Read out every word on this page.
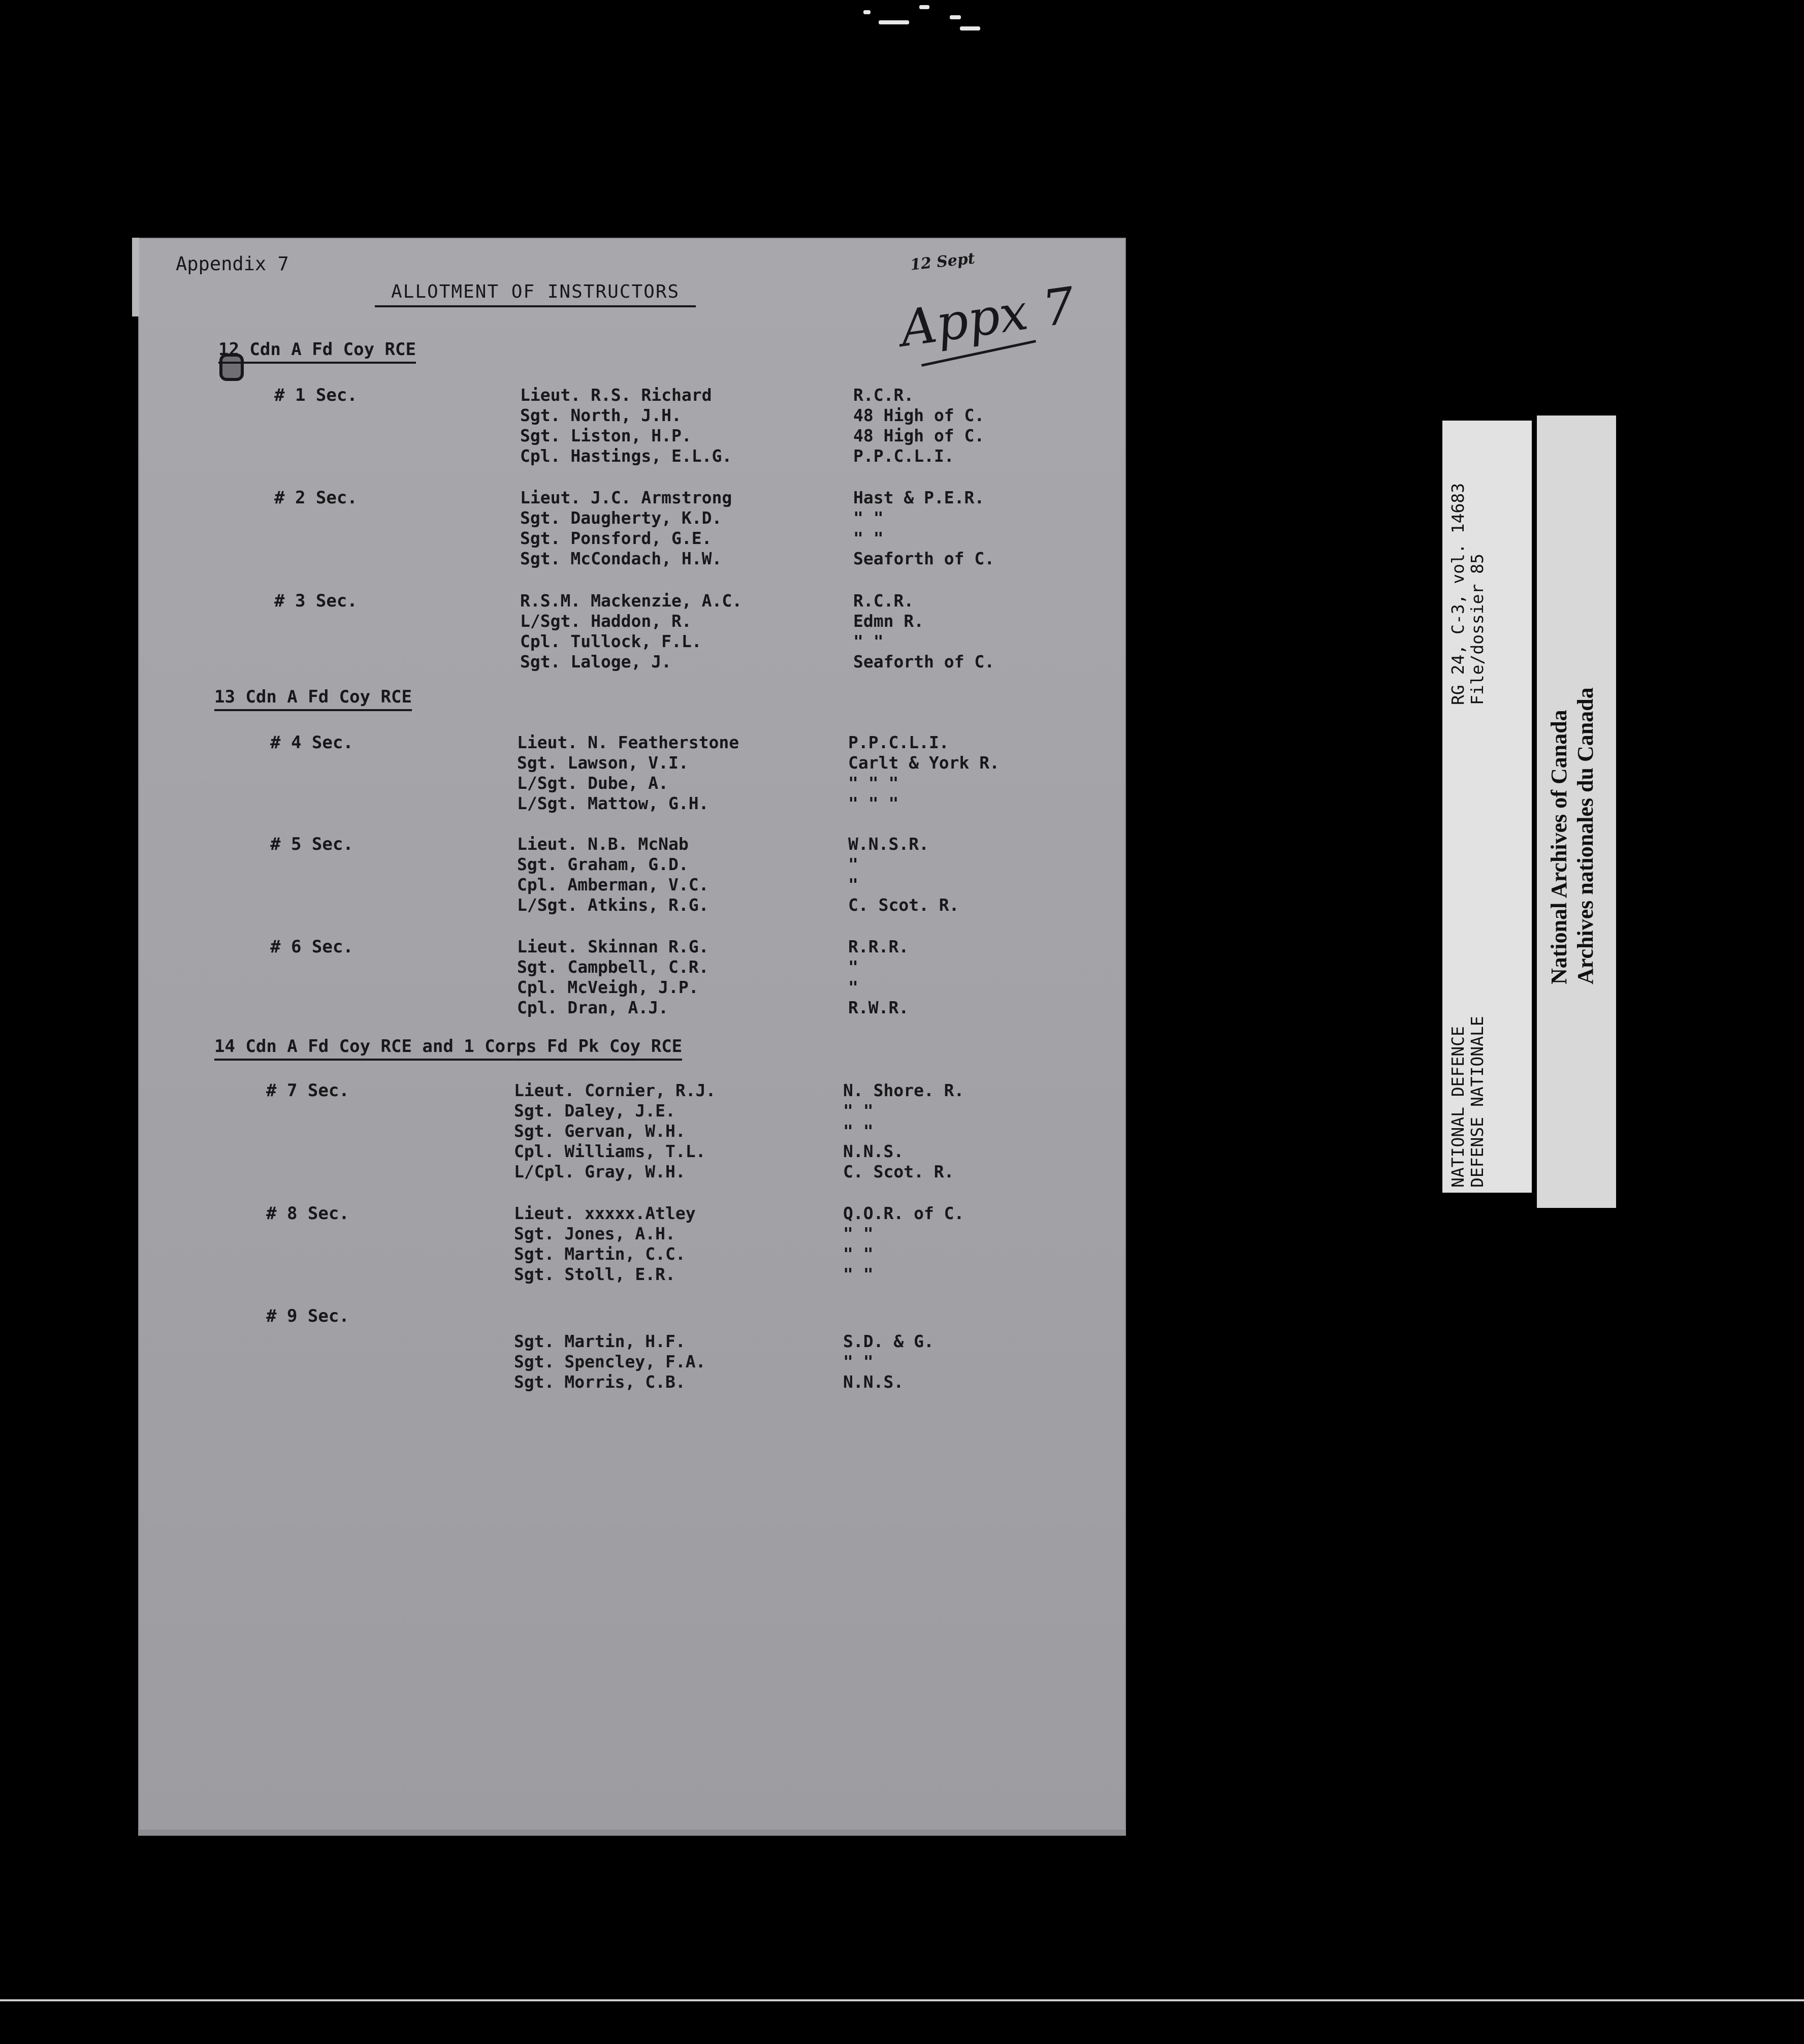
Appendix 7
ALLOTMENT OF INSTRUCTORS
12 Sept
Appx 7
12 Cdn A Fd Coy RCE
# 1 Sec.	Lieut. R.S. Richard	R.C.R.
Sgt. North, J.H.	48 High of C.
Sgt. Liston, H.P.	48 High of C.
Cpl. Hastings, E.L.G.	P.P.C.L.I.
# 2 Sec.	Lieut. J.C. Armstrong	Hast & P.E.R.
Sgt. Daugherty, K.D.	" "
Sgt. Ponsford, G.E.	" "
Sgt. McCondach, H.W.	Seaforth of C.
# 3 Sec.	R.S.M. Mackenzie, A.C.	R.C.R.
L/Sgt. Haddon, R.	Edmn R.
Cpl. Tullock, F.L.	" "
Sgt. Laloge, J.	Seaforth of C.
13 Cdn A Fd Coy RCE
# 4 Sec.	Lieut. N. Featherstone	P.P.C.L.I.
Sgt. Lawson, V.I.	Carlt & York R.
L/Sgt. Dube, A.	" " "
L/Sgt. Mattow, G.H.	" " "
# 5 Sec.	Lieut. N.B. McNab	W.N.S.R.
Sgt. Graham, G.D.	"
Cpl. Amberman, V.C.	"
L/Sgt. Atkins, R.G.	C. Scot. R.
# 6 Sec.	Lieut. Skinnan R.G.	R.R.R.
Sgt. Campbell, C.R.	"
Cpl. McVeigh, J.P.	"
Cpl. Dran, A.J.	R.W.R.
14 Cdn A Fd Coy RCE and 1 Corps Fd Pk Coy RCE
# 7 Sec.	Lieut. Cornier, R.J.	N. Shore. R.
Sgt. Daley, J.E.	" "
Sgt. Gervan, W.H.	" "
Cpl. Williams, T.L.	N.N.S.
L/Cpl. Gray, W.H.	C. Scot. R.
# 8 Sec.	Lieut. xxxxx.Atley	Q.O.R. of C.
Sgt. Jones, A.H.	" "
Sgt. Martin, C.C.	" "
Sgt. Stoll, E.R.	" "
# 9 Sec.
Sgt. Martin, H.F.	S.D. & G.
Sgt. Spencley, F.A.	" "
Sgt. Morris, C.B.	N.N.S.
RG 24, C-3, vol. 14683 File/dossier 85
NATIONAL DEFENCE DEFENSE NATIONALE
National Archives of Canada Archives nationales du Canada
